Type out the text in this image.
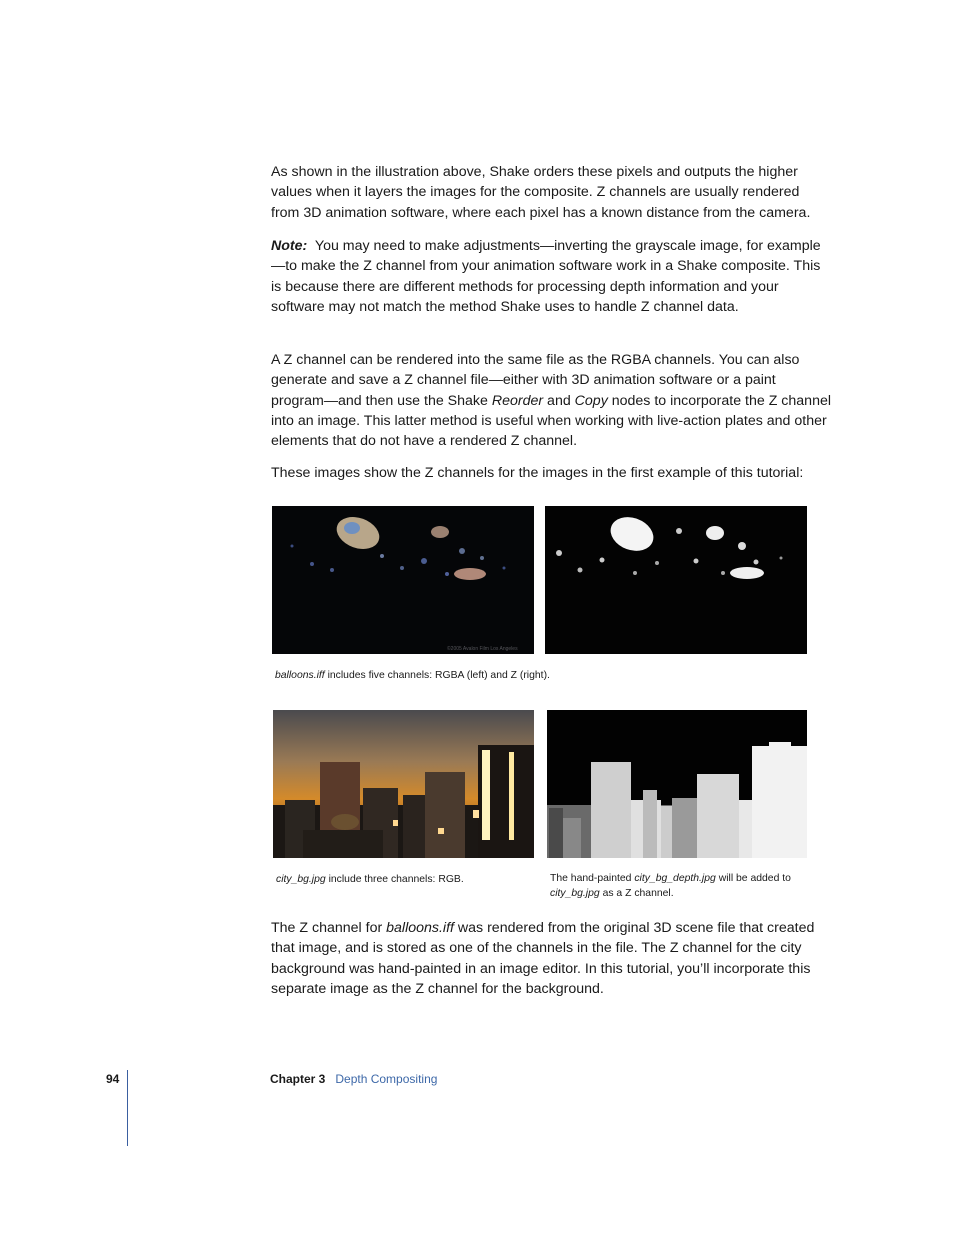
As shown in the illustration above, Shake orders these pixels and outputs the higher values when it layers the images for the composite. Z channels are usually rendered from 3D animation software, where each pixel has a known distance from the camera.

Note: You may need to make adjustments—inverting the grayscale image, for example—to make the Z channel from your animation software work in a Shake composite. This is because there are different methods for processing depth information and your software may not match the method Shake uses to handle Z channel data.

A Z channel can be rendered into the same file as the RGBA channels. You can also generate and save a Z channel file—either with 3D animation software or a paint program—and then use the Shake Reorder and Copy nodes to incorporate the Z channel into an image. This latter method is useful when working with live-action plates and other elements that do not have a rendered Z channel.

These images show the Z channels for the images in the first example of this tutorial:

©2005 Avalon Film Los Angeles

balloons.iff includes five channels: RGBA (left) and Z (right).

city_bg.jpg include three channels: RGB.	The hand-painted city_bg_depth.jpg will be added to city_bg.jpg as a Z channel.

The Z channel for balloons.iff was rendered from the original 3D scene file that created that image, and is stored as one of the channels in the file. The Z channel for the city background was hand-painted in an image editor. In this tutorial, you’ll incorporate this separate image as the Z channel for the background.

94	Chapter 3 Depth Compositing
